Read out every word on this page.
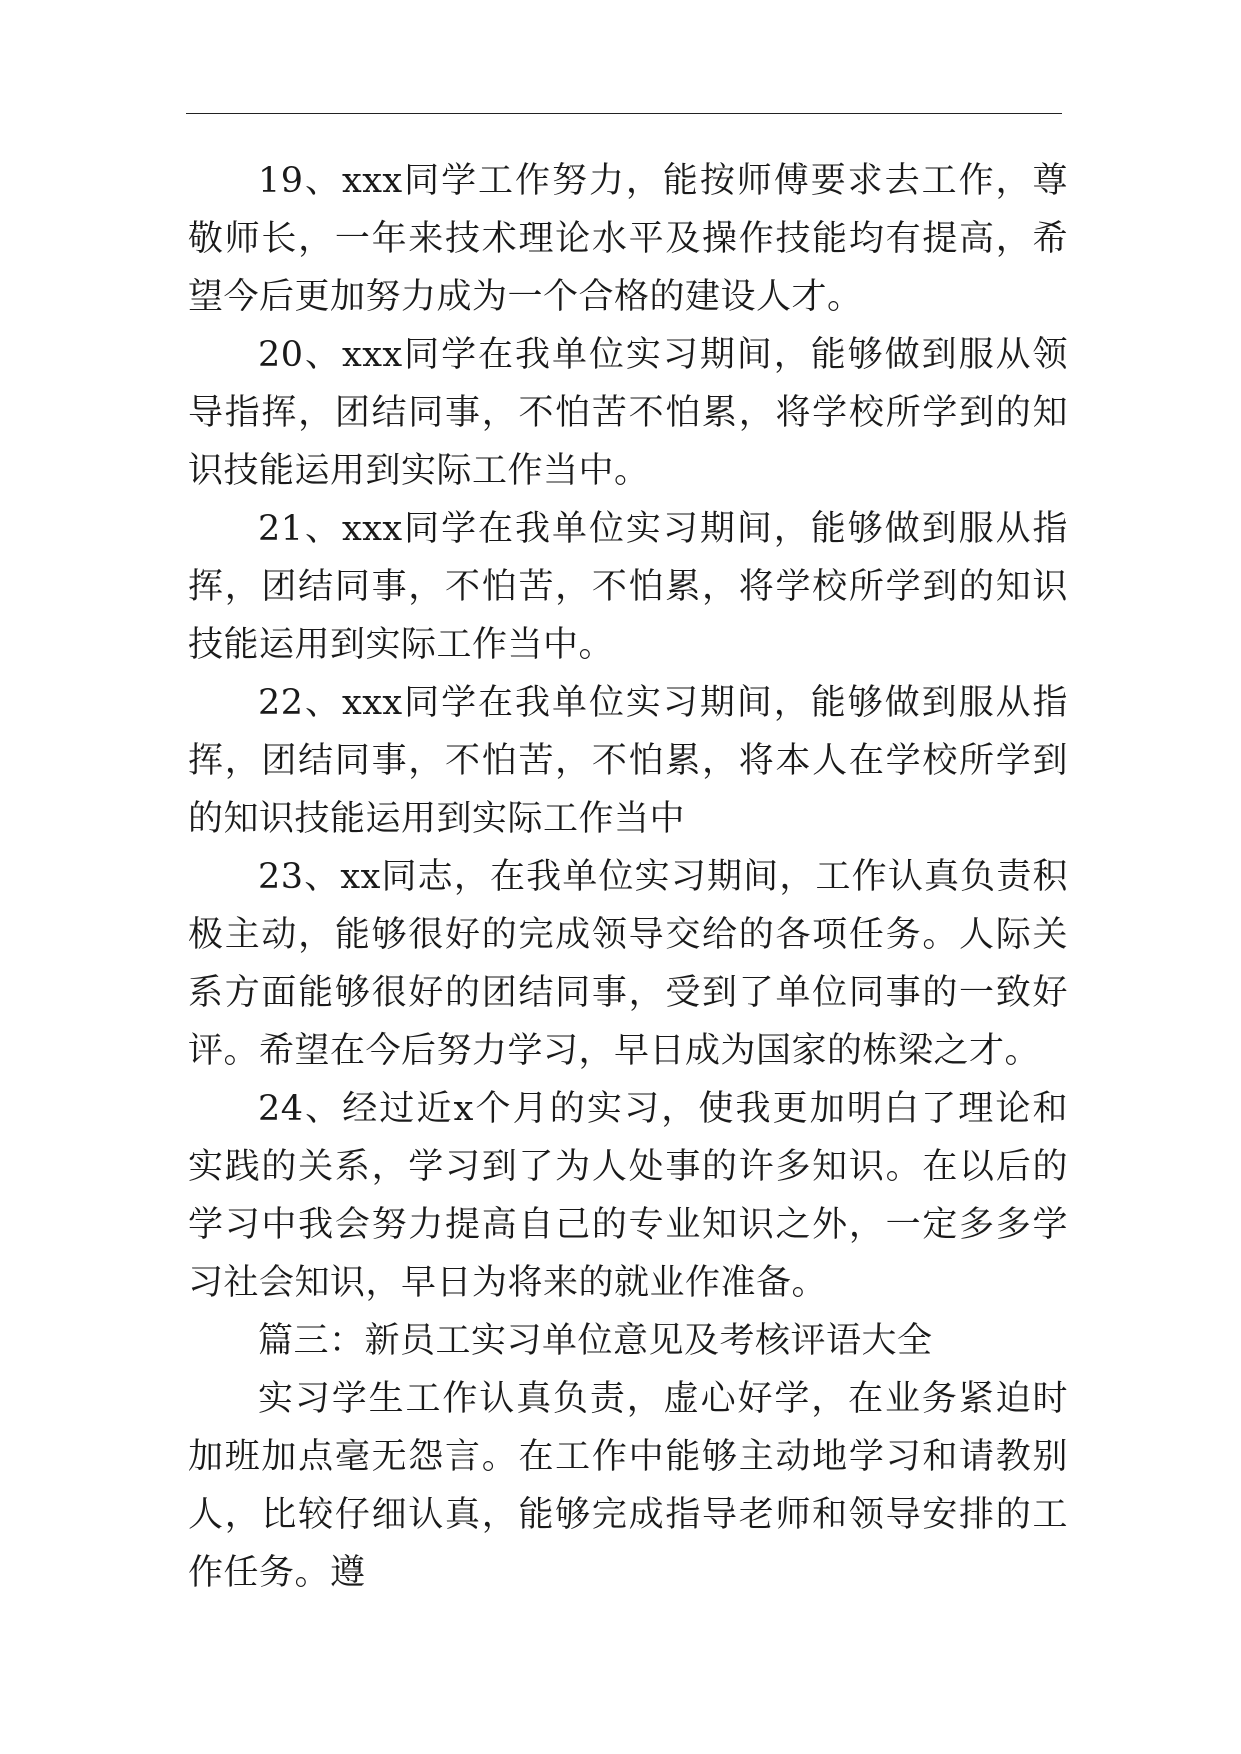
19、xxx同学工作努力，能按师傅要求去工作，尊敬师长，一年来技术理论水平及操作技能均有提高，希望今后更加努力成为一个合格的建设人才。

20、xxx同学在我单位实习期间，能够做到服从领导指挥，团结同事，不怕苦不怕累，将学校所学到的知识技能运用到实际工作当中。

21、xxx同学在我单位实习期间，能够做到服从指挥，团结同事，不怕苦，不怕累，将学校所学到的知识技能运用到实际工作当中。

22、xxx同学在我单位实习期间，能够做到服从指挥，团结同事，不怕苦，不怕累，将本人在学校所学到的知识技能运用到实际工作当中

23、xx同志，在我单位实习期间，工作认真负责积极主动，能够很好的完成领导交给的各项任务。人际关系方面能够很好的团结同事，受到了单位同事的一致好评。希望在今后努力学习，早日成为国家的栋梁之才。

24、经过近x个月的实习，使我更加明白了理论和实践的关系，学习到了为人处事的许多知识。在以后的学习中我会努力提高自己的专业知识之外，一定多多学习社会知识，早日为将来的就业作准备。

篇三：新员工实习单位意见及考核评语大全

实习学生工作认真负责，虚心好学，在业务紧迫时加班加点毫无怨言。在工作中能够主动地学习和请教别人，比较仔细认真，能够完成指导老师和领导安排的工作任务。遵
